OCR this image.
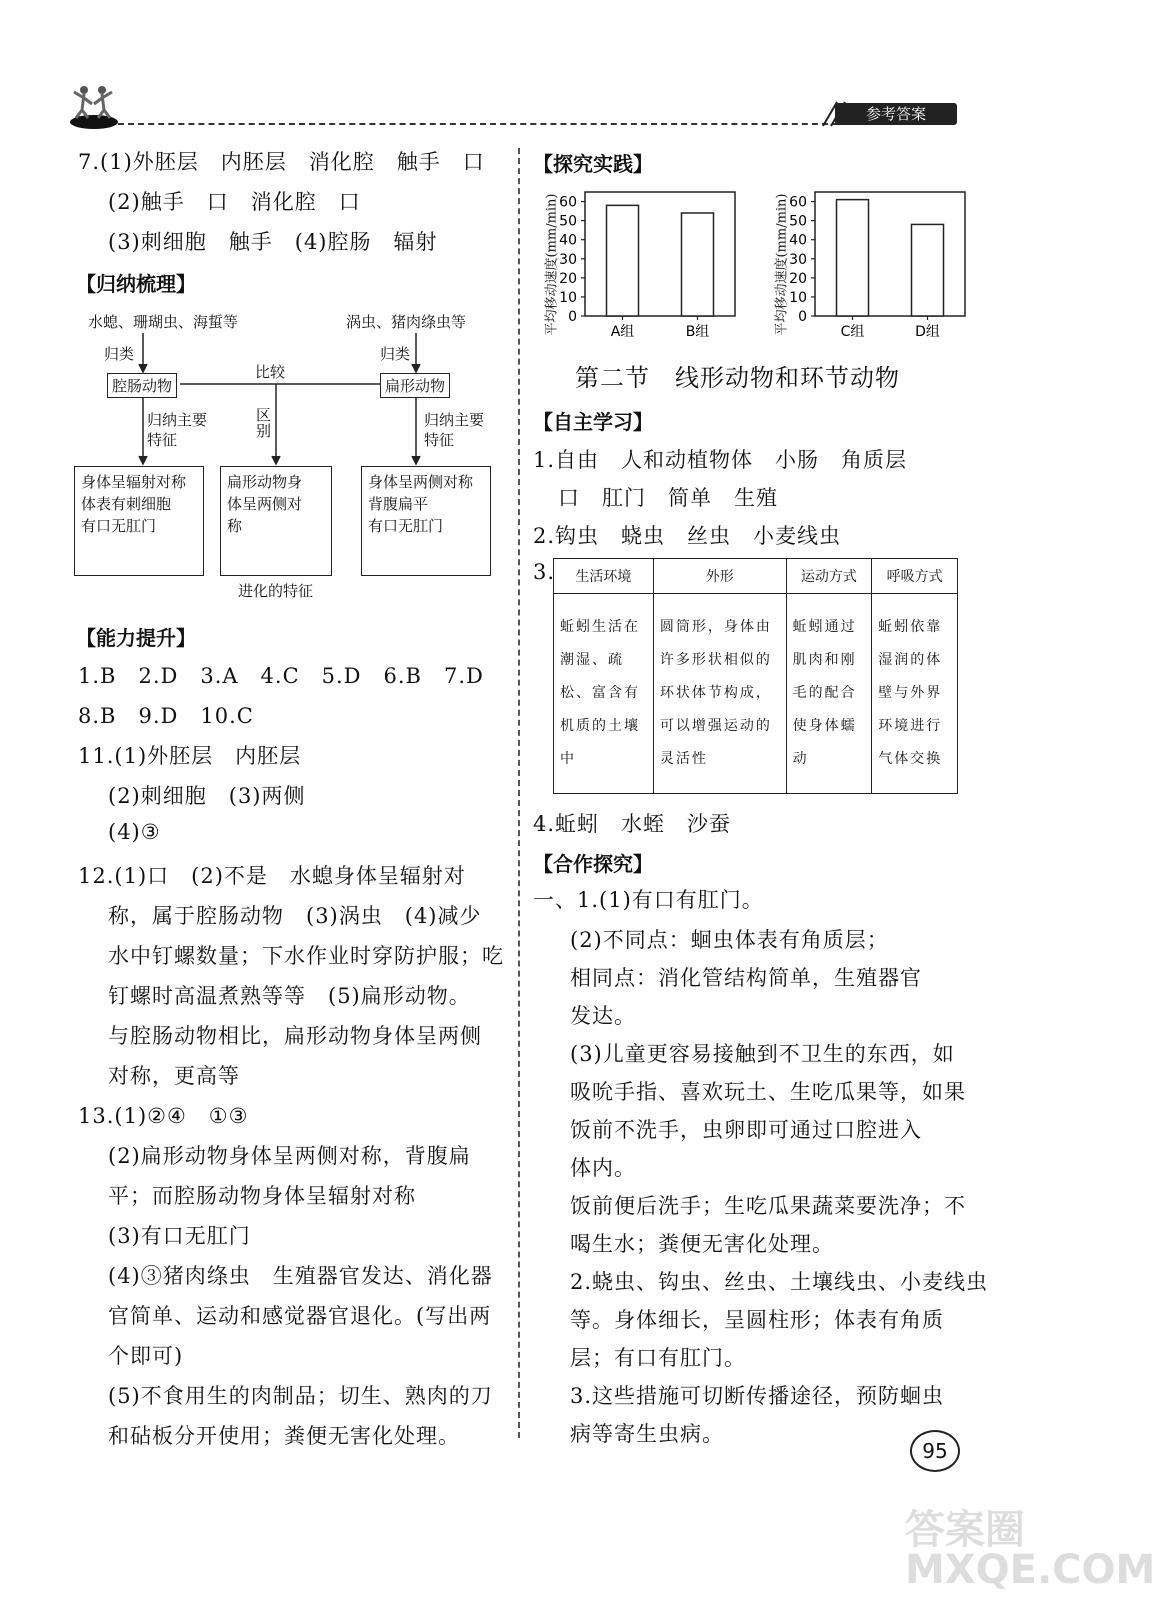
参考答案
7.(1)外胚层　内胚层　消化腔　触手　口
(2)触手　口　消化腔　口
(3)刺细胞　触手　(4)腔肠　辐射
【归纳梳理】
水螅、珊瑚虫、海蜇等	涡虫、猪肉绦虫等
归类	归类
比较
腔肠动物	扁形动物
归纳主要
特征
归纳主要
特征
区
别
身体呈辐射对称
体表有刺细胞
有口无肛门
扁形动物身
体呈两侧对
称
身体呈两侧对称
背腹扁平
有口无肛门
进化的特征
【能力提升】
1.B　2.D　3.A　4.C　5.D　6.B　7.D
8.B　9.D　10.C
11.(1)外胚层　内胚层
(2)刺细胞　(3)两侧
(4)③
12.(1)口　(2)不是　水螅身体呈辐射对
称，属于腔肠动物　(3)涡虫　(4)减少
水中钉螺数量；下水作业时穿防护服；吃
钉螺时高温煮熟等等　(5)扁形动物。
与腔肠动物相比，扁形动物身体呈两侧
对称，更高等
13.(1)②④　①③
(2)扁形动物身体呈两侧对称，背腹扁
平；而腔肠动物身体呈辐射对称
(3)有口无肛门
(4)③猪肉绦虫　生殖器官发达、消化器
官简单、运动和感觉器官退化。(写出两
个即可)
(5)不食用生的肉制品；切生、熟肉的刀
和砧板分开使用；粪便无害化处理。
【探究实践】
平均移动速度(mm/min) 0
10
20
30
40
50
60
A组	B组	平均移动速度(mm/min) 0
10
20
30
40
50
60
C组	D组
第二节　线形动物和环节动物
【自主学习】
1.自由　人和动植物体　小肠　角质层
口　肛门　简单　生殖
2.钩虫　蛲虫　丝虫　小麦线虫
3. 生活环境	外形	运动方式	呼吸方式
蚯蚓生活在潮湿、疏松、富含有机质的土壤中	圆筒形，身体由许多形状相似的环状体节构成，可以增强运动的灵活性	蚯蚓通过肌肉和刚毛的配合使身体蠕动	蚯蚓依靠湿润的体壁与外界环境进行气体交换
4.蚯蚓　水蛭　沙蚕
【合作探究】
一、1.(1)有口有肛门。
(2)不同点：蛔虫体表有角质层；
相同点：消化管结构简单，生殖器官
发达。
(3)儿童更容易接触到不卫生的东西，如
吸吮手指、喜欢玩土、生吃瓜果等，如果
饭前不洗手，虫卵即可通过口腔进入
体内。
饭前便后洗手；生吃瓜果蔬菜要洗净；不
喝生水；粪便无害化处理。
2.蛲虫、钩虫、丝虫、土壤线虫、小麦线虫
等。身体细长，呈圆柱形；体表有角质
层；有口有肛门。
3.这些措施可切断传播途径，预防蛔虫
病等寄生虫病。
95
答案圈 MXQE.COM
